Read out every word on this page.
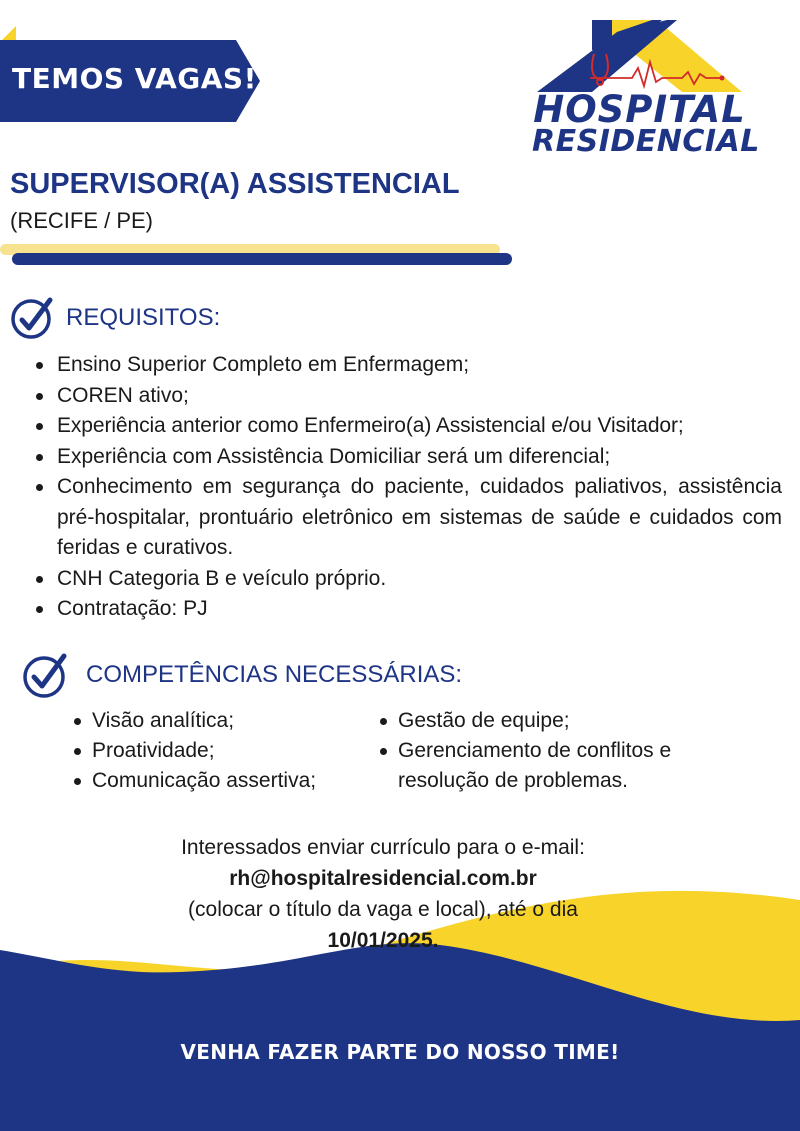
TEMOS VAGAS!
HOSPITAL
RESIDENCIAL
SUPERVISOR(A) ASSISTENCIAL
(RECIFE / PE)
REQUISITOS:
Ensino Superior Completo em Enfermagem;
COREN ativo;
Experiência anterior como Enfermeiro(a) Assistencial e/ou Visitador;
Experiência com Assistência Domiciliar será um diferencial;
Conhecimento em segurança do paciente, cuidados paliativos, assistência pré-hospitalar, prontuário eletrônico em sistemas de saúde e cuidados com feridas e curativos.
CNH Categoria B e veículo próprio.
Contratação: PJ
COMPETÊNCIAS NECESSÁRIAS:
Visão analítica;
Proatividade;
Comunicação assertiva;
Gestão de equipe;
Gerenciamento de conflitos e resolução de problemas.
Interessados enviar currículo para o e-mail:
rh@hospitalresidencial.com.br
(colocar o título da vaga e local), até o dia
10/01/2025.
VENHA FAZER PARTE DO NOSSO TIME!
